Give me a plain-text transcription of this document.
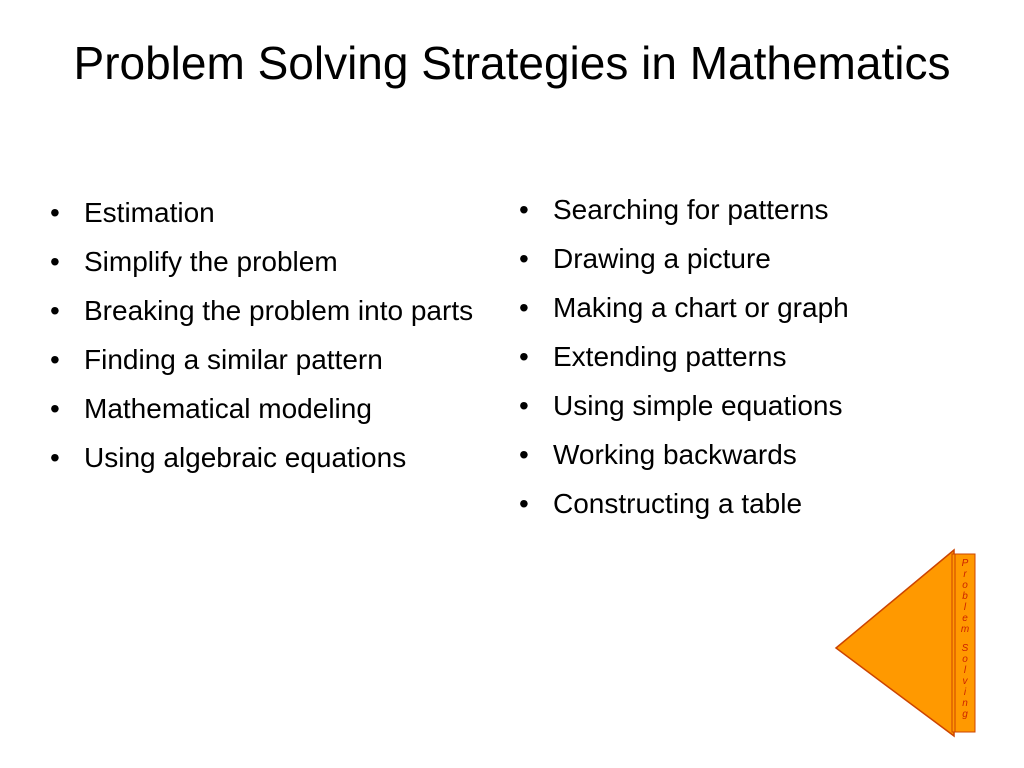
Problem Solving Strategies in Mathematics
• Estimation
• Simplify the problem
• Breaking the problem into parts
• Finding a similar pattern
• Mathematical modeling
• Using algebraic equations
• Searching for patterns
• Drawing a picture
• Making a chart or graph
• Extending patterns
• Using simple equations
• Working backwards
• Constructing a table
P r o b l e m S o l v i n g
